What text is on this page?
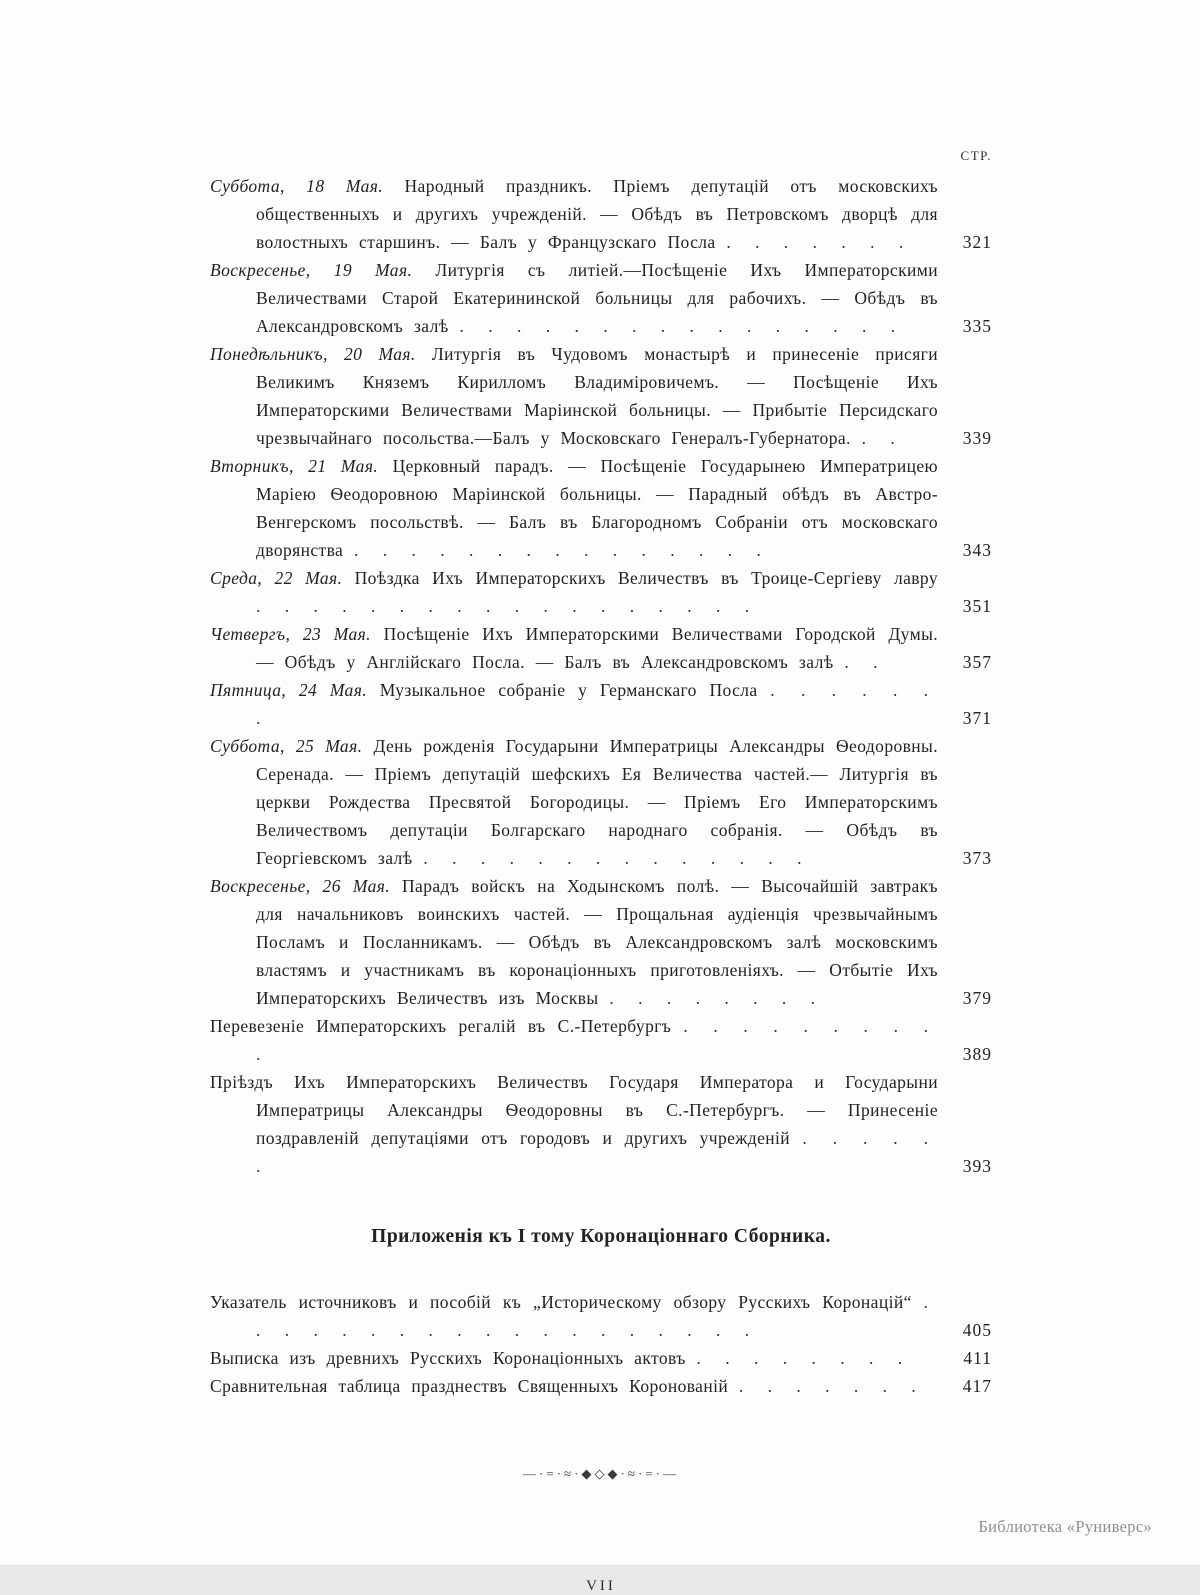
СТР.
Суббота, 18 Мая. Народный праздникъ. Пріемъ депутацій отъ московскихъ общественныхъ и другихъ учрежденій. — Обѣдъ въ Петровскомъ дворцѣ для волостныхъ старшинъ. — Балъ у Французскаго Посла . . . . . . .	321
Воскресенье, 19 Мая. Литургія съ литіей.—Посѣщеніе Ихъ Императорскими Величествами Старой Екатерининской больницы для рабочихъ. — Обѣдъ въ Александровскомъ залѣ . . . . . . . . . . . . . . . .	335
Понедѣльникъ, 20 Мая. Литургія въ Чудовомъ монастырѣ и принесеніе присяги Великимъ Княземъ Кирилломъ Владиміровичемъ. — Посѣщеніе Ихъ Императорскими Величествами Маріинской больницы. — Прибытіе Персидскаго чрезвычайнаго посольства.—Балъ у Московскаго Генералъ-Губернатора. . .	339
Вторникъ, 21 Мая. Церковный парадъ. — Посѣщеніе Государынею Императрицею Маріею Ѳеодоровною Маріинской больницы. — Парадный обѣдъ въ Австро-Венгерскомъ посольствѣ. — Балъ въ Благородномъ Собраніи отъ московскаго дворянства . . . . . . . . . . . . . . .	343
Среда, 22 Мая. Поѣздка Ихъ Императорскихъ Величествъ въ Троице-Сергіеву лавру . . . . . . . . . . . . . . . . . .	351
Четвергъ, 23 Мая. Посѣщеніе Ихъ Императорскими Величествами Городской Думы. — Обѣдъ у Англійскаго Посла. — Балъ въ Александровскомъ залѣ . .	357
Пятница, 24 Мая. Музыкальное собраніе у Германскаго Посла . . . . . . .	371
Суббота, 25 Мая. День рожденія Государыни Императрицы Александры Ѳеодоровны. Серенада. — Пріемъ депутацій шефскихъ Ея Величества частей.— Литургія въ церкви Рождества Пресвятой Богородицы. — Пріемъ Его Императорскимъ Величествомъ депутаціи Болгарскаго народнаго собранія. — Обѣдъ въ Георгіевскомъ залѣ . . . . . . . . . . . . . .	373
Воскресенье, 26 Мая. Парадъ войскъ на Ходынскомъ полѣ. — Высочайшій завтракъ для начальниковъ воинскихъ частей. — Прощальная аудіенція чрезвычайнымъ Посламъ и Посланникамъ. — Обѣдъ въ Александровскомъ залѣ московскимъ властямъ и участникамъ въ коронаціонныхъ приготовленіяхъ. — Отбытіе Ихъ Императорскихъ Величествъ изъ Москвы . . . . . . . .	379
Перевезеніе Императорскихъ регалій въ С.-Петербургъ . . . . . . . . . .	389
Пріѣздъ Ихъ Императорскихъ Величествъ Государя Императора и Государыни Императрицы Александры Ѳеодоровны въ С.-Петербургъ. — Принесеніе поздравленій депутаціями отъ городовъ и другихъ учрежденій . . . . . .	393
Приложенія къ I тому Коронаціоннаго Сборника.
Указатель источниковъ и пособій къ „Историческому обзору Русскихъ Коронацій“ . . . . . . . . . . . . . . . . . . .	405
Выписка изъ древнихъ Русскихъ Коронаціонныхъ актовъ . . . . . . . .	411
Сравнительная таблица празднествъ Священныхъ Коронованій . . . . . . . 417
—·=·≈·◆◇◆·≈·=·—
VII
Библиотека «Руниверс»
